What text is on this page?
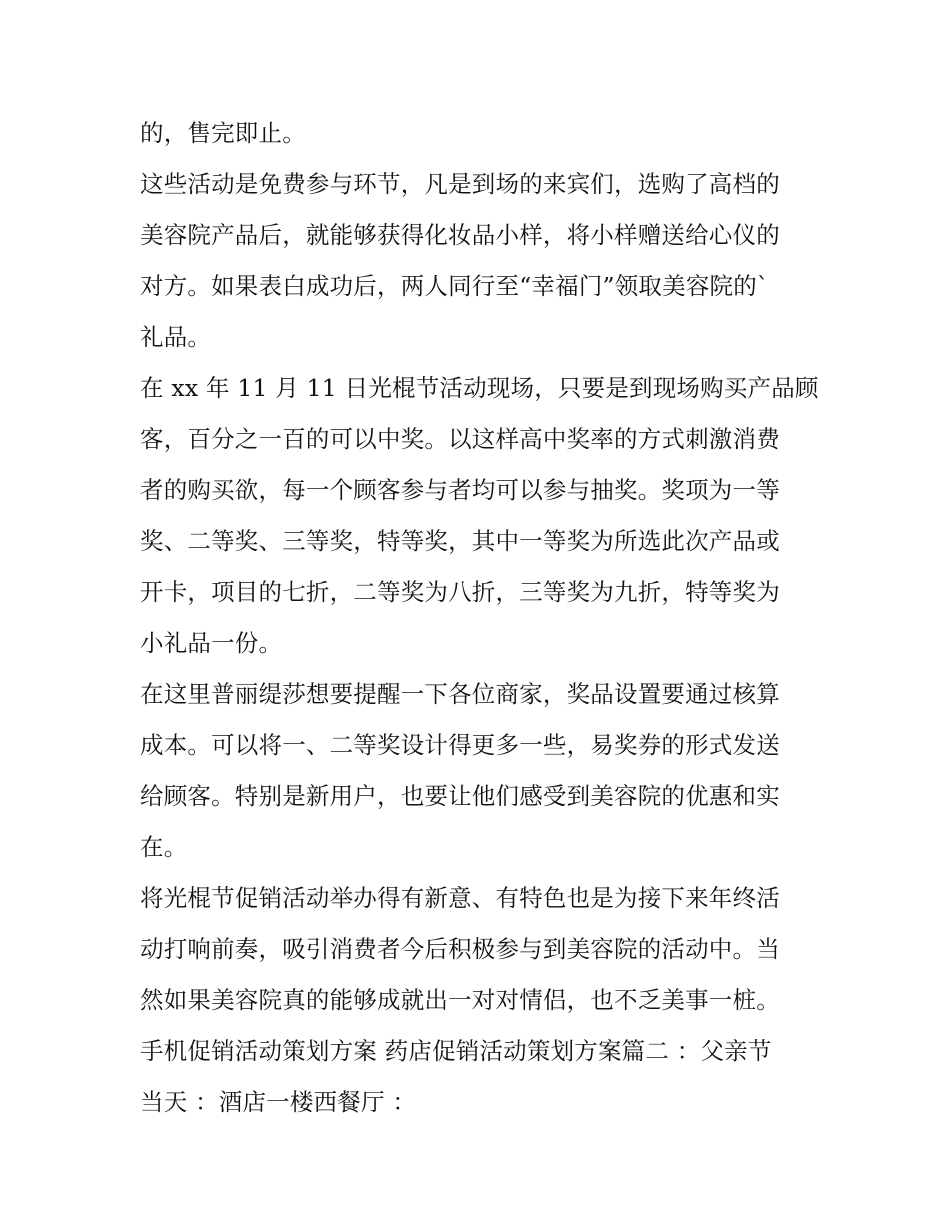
的，售完即止。
这些活动是免费参与环节，凡是到场的来宾们，选购了高档的
美容院产品后，就能够获得化妆品小样，将小样赠送给心仪的
对方。如果表白成功后，两人同行至“幸福门”领取美容院的`
礼品。
在 xx 年 11 月 11 日光棍节活动现场，只要是到现场购买产品顾
客，百分之一百的可以中奖。以这样高中奖率的方式刺激消费
者的购买欲，每一个顾客参与者均可以参与抽奖。奖项为一等
奖、二等奖、三等奖，特等奖，其中一等奖为所选此次产品或
开卡，项目的七折，二等奖为八折，三等奖为九折，特等奖为
小礼品一份。
在这里普丽缇莎想要提醒一下各位商家，奖品设置要通过核算
成本。可以将一、二等奖设计得更多一些，易奖券的形式发送
给顾客。特别是新用户，也要让他们感受到美容院的优惠和实
在。
将光棍节促销活动举办得有新意、有特色也是为接下来年终活
动打响前奏，吸引消费者今后积极参与到美容院的活动中。当
然如果美容院真的能够成就出一对对情侣，也不乏美事一桩。
手机促销活动策划方案 药店促销活动策划方案篇二 ：父亲节
当天 ：酒店一楼西餐厅 ：
